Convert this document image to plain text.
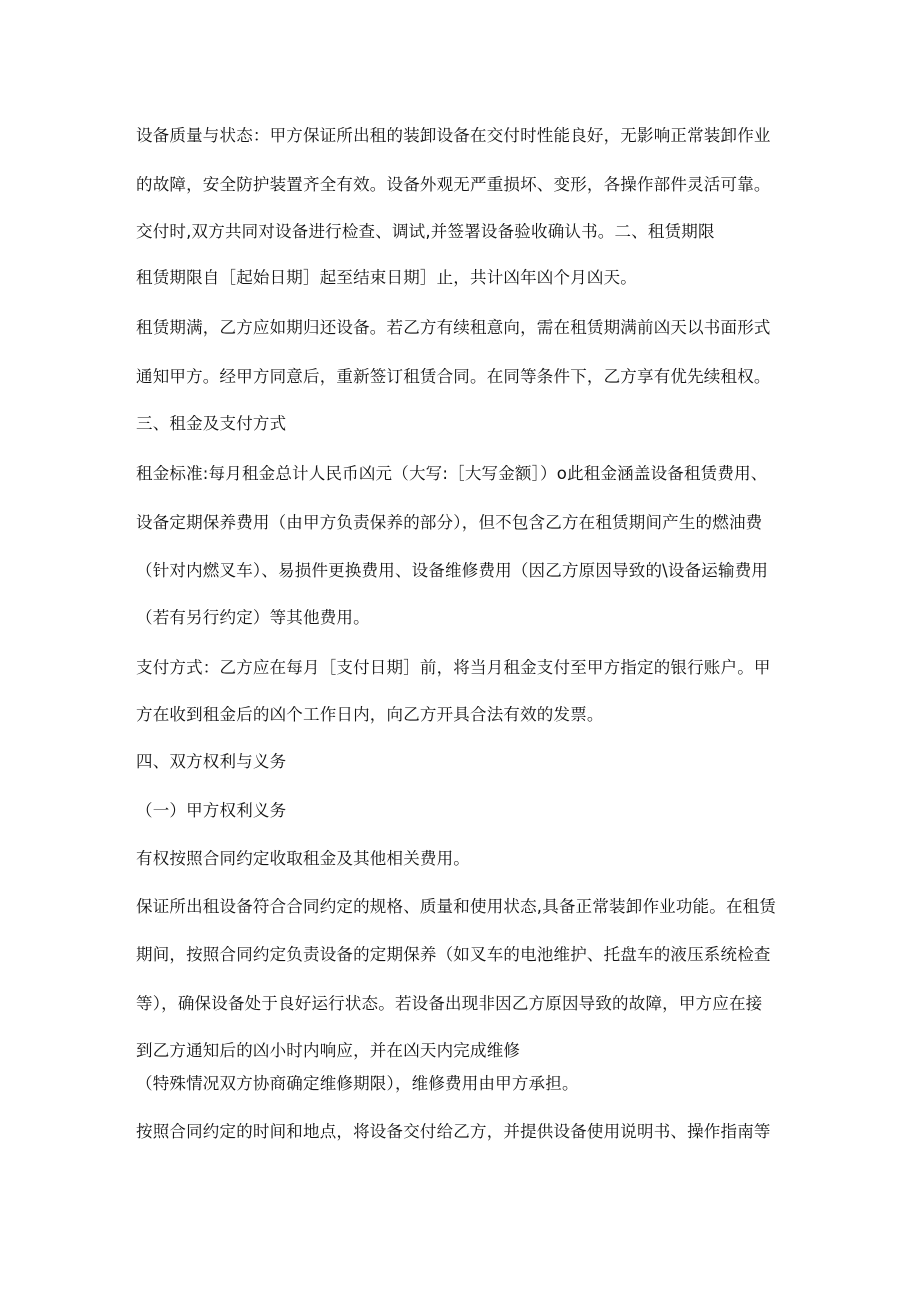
设备质量与状态：甲方保证所出租的装卸设备在交付时性能良好，无影响正常装卸作业
的故障，安全防护装置齐全有效。设备外观无严重损坏、变形，各操作部件灵活可靠。
交付时,双方共同对设备进行检查、调试,并签署设备验收确认书。二、租赁期限
租赁期限自［起始日期］起至结束日期］止，共计凶年凶个月凶天。
租赁期满，乙方应如期归还设备。若乙方有续租意向，需在租赁期满前凶天以书面形式
通知甲方。经甲方同意后，重新签订租赁合同。在同等条件下，乙方享有优先续租权。
三、租金及支付方式
租金标准:每月租金总计人民币凶元（大写:［大写金额］）o此租金涵盖设备租赁费用、
设备定期保养费用（由甲方负责保养的部分），但不包含乙方在租赁期间产生的燃油费
（针对内燃叉车）、易损件更换费用、设备维修费用（因乙方原因导致的\设备运输费用
（若有另行约定）等其他费用。
支付方式：乙方应在每月［支付日期］前，将当月租金支付至甲方指定的银行账户。甲
方在收到租金后的凶个工作日内，向乙方开具合法有效的发票。
四、双方权利与义务
（一）甲方权利义务
有权按照合同约定收取租金及其他相关费用。
保证所出租设备符合合同约定的规格、质量和使用状态,具备正常装卸作业功能。在租赁
期间，按照合同约定负责设备的定期保养（如叉车的电池维护、托盘车的液压系统检查
等），确保设备处于良好运行状态。若设备出现非因乙方原因导致的故障，甲方应在接
到乙方通知后的凶小时内响应，并在凶天内完成维修
（特殊情况双方协商确定维修期限），维修费用由甲方承担。
按照合同约定的时间和地点，将设备交付给乙方，并提供设备使用说明书、操作指南等
